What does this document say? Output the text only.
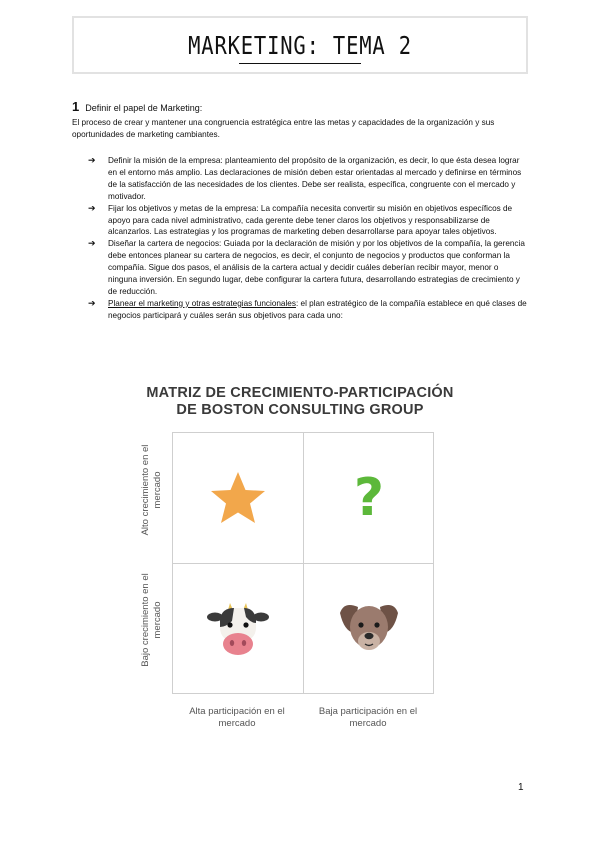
MARKETING: TEMA 2
1 Definir el papel de Marketing:
El proceso de crear y mantener una congruencia estratégica entre las metas y capacidades de la organización y sus oportunidades de marketing cambiantes.
➔ Definir la misión de la empresa: planteamiento del propósito de la organización, es decir, lo que ésta desea lograr en el entorno más amplio. Las declaraciones de misión deben estar orientadas al mercado y definirse en términos de la satisfacción de las necesidades de los clientes. Debe ser realista, específica, congruente con el mercado y motivador.
➔ Fijar los objetivos y metas de la empresa: La compañía necesita convertir su misión en objetivos específicos de apoyo para cada nivel administrativo, cada gerente debe tener claros los objetivos y responsabilizarse de alcanzarlos. Las estrategias y los programas de marketing deben desarrollarse para apoyar tales objetivos.
➔ Diseñar la cartera de negocios: Guiada por la declaración de misión y por los objetivos de la compañía, la gerencia debe entonces planear su cartera de negocios, es decir, el conjunto de negocios y productos que conforman la compañía. Sigue dos pasos, el análisis de la cartera actual y decidir cuáles deberían recibir mayor, menor o ninguna inversión. En segundo lugar, debe configurar la cartera futura, desarrollando estrategias de crecimiento y de reducción.
➔ Planear el marketing y otras estrategias funcionales: el plan estratégico de la compañía establece en qué clases de negocios participará y cuáles serán sus objetivos para cada uno:
MATRIZ DE CRECIMIENTO-PARTICIPACIÓN
DE BOSTON CONSULTING GROUP
?
Alto crecimiento en el mercado
Bajo crecimiento en el mercado
Alta participación en el mercado
Baja participación en el mercado
1
